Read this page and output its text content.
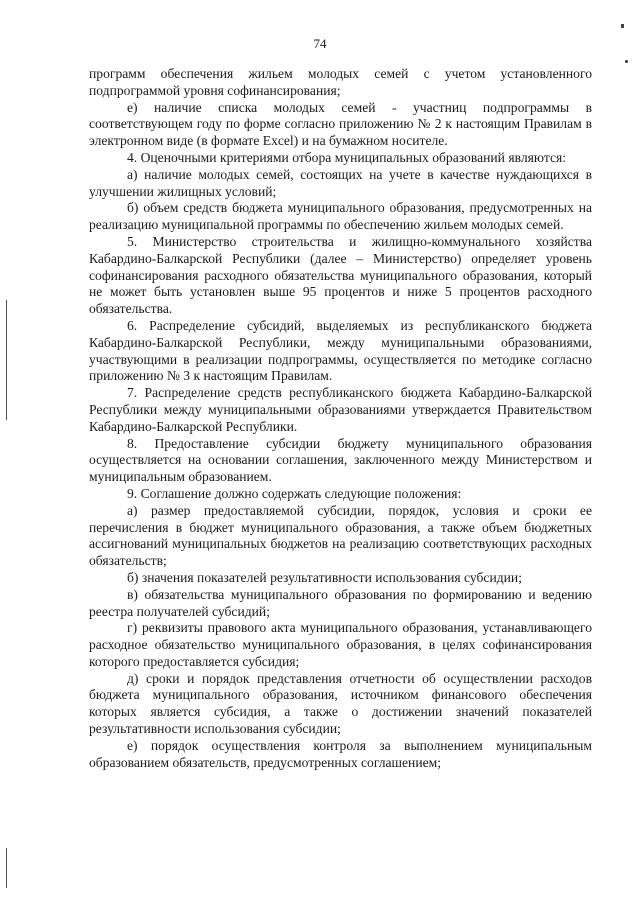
74

программ обеспечения жильем молодых семей с учетом установленного подпрограммой уровня софинансирования;

е) наличие списка молодых семей - участниц подпрограммы в соответствующем году по форме согласно приложению № 2 к настоящим Правилам в электронном виде (в формате Excel) и на бумажном носителе.

4. Оценочными критериями отбора муниципальных образований являются:

а) наличие молодых семей, состоящих на учете в качестве нуждающихся в улучшении жилищных условий;

б) объем средств бюджета муниципального образования, предусмотренных на реализацию муниципальной программы по обеспечению жильем молодых семей.

5. Министерство строительства и жилищно-коммунального хозяйства Кабардино-Балкарской Республики (далее – Министерство) определяет уровень софинансирования расходного обязательства муниципального образования, который не может быть установлен выше 95 процентов и ниже 5 процентов расходного обязательства.

6. Распределение субсидий, выделяемых из республиканского бюджета Кабардино-Балкарской Республики, между муниципальными образованиями, участвующими в реализации подпрограммы, осуществляется по методике согласно приложению № 3 к настоящим Правилам.

7. Распределение средств республиканского бюджета Кабардино-Балкарской Республики между муниципальными образованиями утверждается Правительством Кабардино-Балкарской Республики.

8. Предоставление субсидии бюджету муниципального образования осуществляется на основании соглашения, заключенного между Министерством и муниципальным образованием.

9. Соглашение должно содержать следующие положения:

а) размер предоставляемой субсидии, порядок, условия и сроки ее перечисления в бюджет муниципального образования, а также объем бюджетных ассигнований муниципальных бюджетов на реализацию соответствующих расходных обязательств;

б) значения показателей результативности использования субсидии;

в) обязательства муниципального образования по формированию и ведению реестра получателей субсидий;

г) реквизиты правового акта муниципального образования, устанавливающего расходное обязательство муниципального образования, в целях софинансирования которого предоставляется субсидия;

д) сроки и порядок представления отчетности об осуществлении расходов бюджета муниципального образования, источником финансового обеспечения которых является субсидия, а также о достижении значений показателей результативности использования субсидии;

е) порядок осуществления контроля за выполнением муниципальным образованием обязательств, предусмотренных соглашением;
